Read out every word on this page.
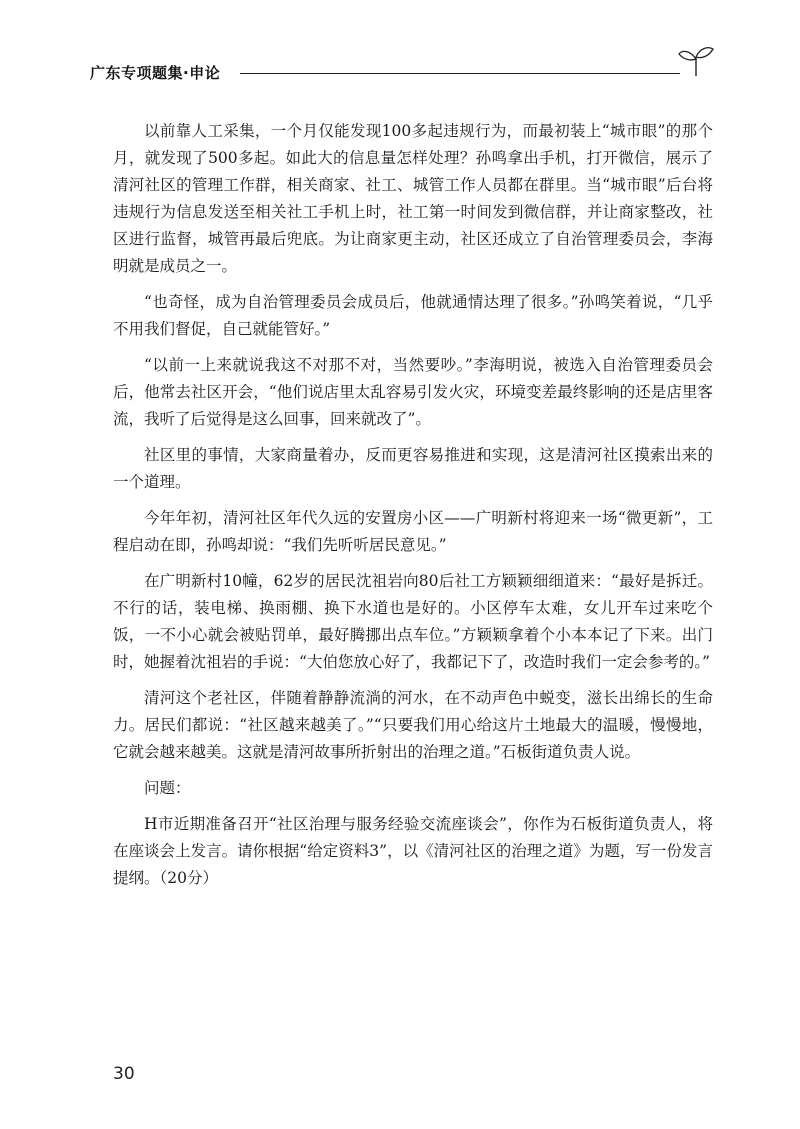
广东专项题集·申论

以前靠人工采集，一个月仅能发现100多起违规行为，而最初装上“城市眼”的那个月，就发现了500多起。如此大的信息量怎样处理？孙鸣拿出手机，打开微信，展示了清河社区的管理工作群，相关商家、社工、城管工作人员都在群里。当“城市眼”后台将违规行为信息发送至相关社工手机上时，社工第一时间发到微信群，并让商家整改，社区进行监督，城管再最后兜底。为让商家更主动，社区还成立了自治管理委员会，李海明就是成员之一。

“也奇怪，成为自治管理委员会成员后，他就通情达理了很多。”孙鸣笑着说，“几乎不用我们督促，自己就能管好。”

“以前一上来就说我这不对那不对，当然要吵。”李海明说，被选入自治管理委员会后，他常去社区开会，“他们说店里太乱容易引发火灾，环境变差最终影响的还是店里客流，我听了后觉得是这么回事，回来就改了”。

社区里的事情，大家商量着办，反而更容易推进和实现，这是清河社区摸索出来的一个道理。

今年年初，清河社区年代久远的安置房小区——广明新村将迎来一场“微更新”，工程启动在即，孙鸣却说：“我们先听听居民意见。”

在广明新村10幢，62岁的居民沈祖岩向80后社工方颖颖细细道来：“最好是拆迁。不行的话，装电梯、换雨棚、换下水道也是好的。小区停车太难，女儿开车过来吃个饭，一不小心就会被贴罚单，最好腾挪出点车位。”方颖颖拿着个小本本记了下来。出门时，她握着沈祖岩的手说：“大伯您放心好了，我都记下了，改造时我们一定会参考的。”

清河这个老社区，伴随着静静流淌的河水，在不动声色中蜕变，滋长出绵长的生命力。居民们都说：“社区越来越美了。”“只要我们用心给这片土地最大的温暖，慢慢地，它就会越来越美。这就是清河故事所折射出的治理之道。”石板街道负责人说。

问题：

H市近期准备召开“社区治理与服务经验交流座谈会”，你作为石板街道负责人，将在座谈会上发言。请你根据“给定资料3”，以《清河社区的治理之道》为题，写一份发言提纲。（20分）

30
